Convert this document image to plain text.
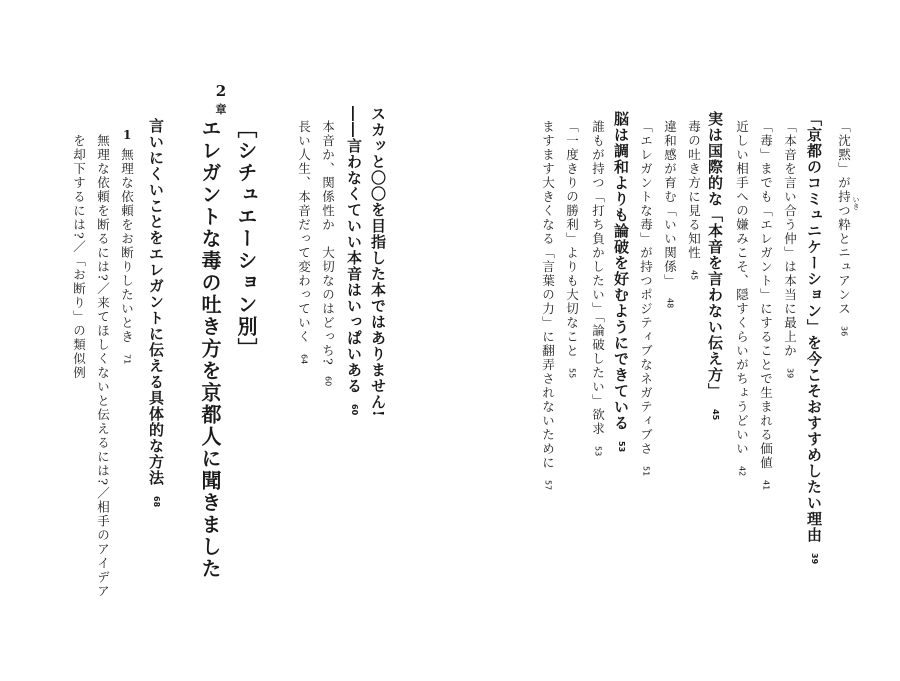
「沈黙」が持つ粋とニュアンス36
いき
「京都のコミュニケーション」を今こそおすすめしたい理由39
「本音を言い合う仲」は本当に最上か39
近しい相手への嫌みこそ、隠すくらいがちょうどいい42
「毒」までも「エレガント」にすることで生まれる価値41
実は国際的な「本音を言わない伝え方」45
毒の吐き方に見る知性45
違和感が育む「いい関係」48
「エレガントな毒」が持つポジティブなネガティブさ51
脳は調和よりも論破を好むようにできている53
誰もが持つ「打ち負かしたい」「論破したい」欲求53
「一度きりの勝利」よりも大切なこと55
ますます大きくなる「言葉の力」に翻弄されないために57
スカッと〇〇を目指した本ではありません!
――言わなくていい本音はいっぱいある60
本音か、関係性か　大切なのはどっち?60
長い人生、本音だって変わっていく64
2
章
［シチュエーション別］
エレガントな毒の吐き方を京都人に聞きました
言いにくいことをエレガントに伝える具体的な方法68
1
無理な依頼をお断りしたいとき71
無理な依頼を断るには?／来てほしくないと伝えるには?／相手のアイデア
を却下するには?／「お断り」の類似例
